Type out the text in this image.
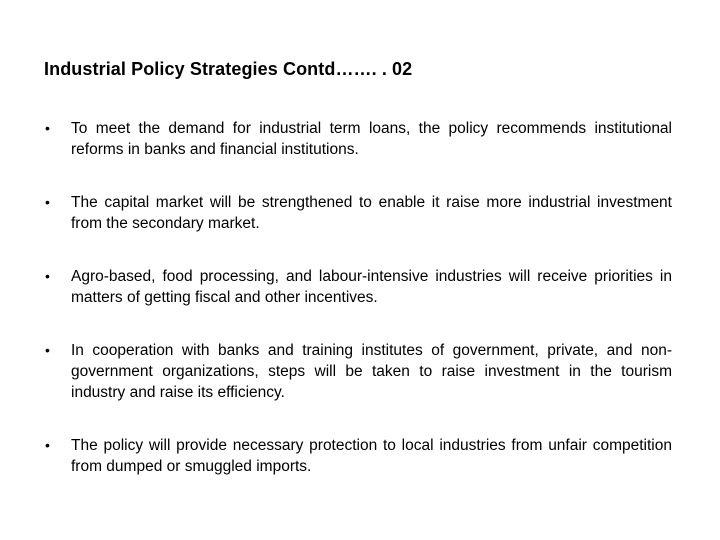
Industrial Policy Strategies Contd……. . 02
•	To meet the demand for industrial term loans, the policy recommends institutional reforms in banks and financial institutions.
•	The capital market will be strengthened to enable it raise more industrial investment from the secondary market.
•	Agro-based, food processing, and labour-intensive industries will receive priorities in matters of getting fiscal and other incentives.
•	In cooperation with banks and training institutes of government, private, and non-government organizations, steps will be taken to raise investment in the tourism industry and raise its efficiency.
•	The policy will provide necessary protection to local industries from unfair competition from dumped or smuggled imports.
